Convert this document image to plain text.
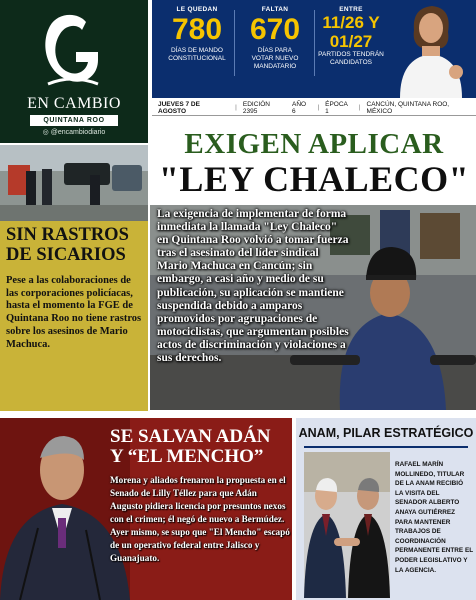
EN CAMBIO
QUINTANA ROO
◎ @encambiodiario
LE QUEDAN
780
DÍAS DE MANDO
CONSTITUCIONAL
FALTAN
670
DÍAS PARA
VOTAR NUEVO
MANDATARIO
ENTRE
11/26 Y
01/27
PARTIDOS TENDRÁN
CANDIDATOS
JUEVES 7 DE AGOSTO	| EDICIÓN 2395
AÑO 6	| ÉPOCA 1	| CANCÚN, QUINTANA ROO, MÉXICO
EXIGEN APLICAR
"LEY CHALECO"
La exigencia de implementar de forma inmediata la llamada "Ley Chaleco" en Quintana Roo volvió a tomar fuerza tras el asesinato del líder sindical Mario Machuca en Cancún; sin embargo, a casi año y medio de su publicación, su aplicación se mantiene suspendida debido a amparos promovidos por agrupaciones de motociclistas, que argumentan posibles actos de discriminación y violaciones a sus derechos.
SIN RASTROS DE SICARIOS
Pese a las colaboraciones de las corporaciones policíacas, hasta el momento la FGE de Quintana Roo no tiene rastros sobre los asesinos de Mario Machuca.
SE SALVAN ADÁN Y “EL MENCHO”
Morena y aliados frenaron la propuesta en el Senado de Lilly Téllez para que Adán Augusto pidiera licencia por presuntos nexos con el crimen; él negó de nuevo a Bermúdez. Ayer mismo, se supo que "El Mencho" escapó de un operativo federal entre Jalisco y Guanajuato.
ANAM, PILAR ESTRATÉGICO
RAFAEL MARÍN MOLLINEDO, TITULAR DE LA ANAM RECIBIÓ LA VISITA DEL SENADOR ALBERTO ANAYA GUTIÉRREZ PARA MANTENER TRABAJOS DE COORDINACIÓN PERMANENTE ENTRE EL PODER LEGISLATIVO Y LA AGENCIA.
